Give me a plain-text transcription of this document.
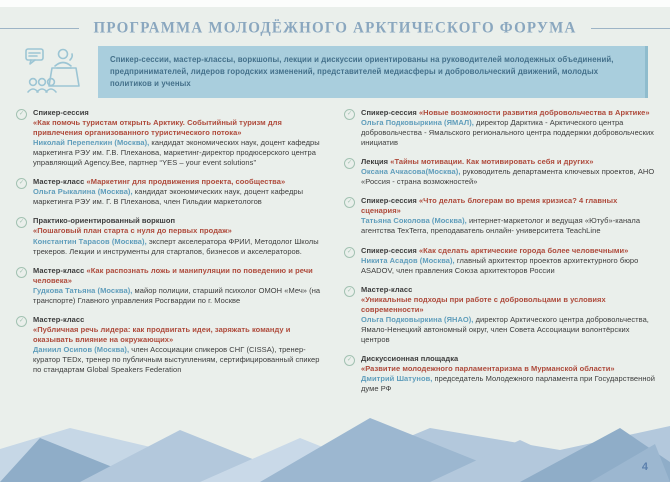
ПРОГРАММА МОЛОДЁЖНОГО АРКТИЧЕСКОГО ФОРУМА
Спикер-сессии, мастер-классы, воркшопы, лекции и дискуссии ориентированы на руководителей молодежных объединений, предпринимателей, лидеров городских изменений, представителей медиасферы и добровольческий движений, молодых политиков и ученых
✓	Спикер-сессия
«Как помочь туристам открыть Арктику. Событийный туризм для привлечения организованного туристического потока»
Николай Перепелкин (Москва), кандидат экономических наук, доцент кафедры маркетинга РЭУ им. Г.В. Плеханова, маркетинг-директор продюсерского центра управляющий Agency.Bee, партнер “YES – your event solutions”
✓	Мастер-класс «Маркетинг для продвижения проекта, сообщества»
Ольга Рыкалина (Москва), кандидат экономических наук, доцент кафедры маркетинга РЭУ им. Г. В Плеханова, член Гильдии маркетологов
✓	Практико-ориентированный воркшоп
«Пошаговый план старта с нуля до первых продаж»
Константин Тарасов (Москва), эксперт акселератора ФРИИ, Методолог Школы трекеров. Лекции и инструменты для стартапов, бизнесов и акселераторов.
✓	Мастер-класс «Как распознать ложь и манипуляции по поведению и речи человека»
Гудкова Татьяна (Москва), майор полиции, старший психолог ОМОН «Меч» (на транспорте) Главного управления Росгвардии по г. Москве
✓	Мастер-класс
«Публичная речь лидера: как продвигать идеи, заряжать команду и оказывать влияние на окружающих»
Даниил Осипов (Москва), член Ассоциации спикеров СНГ (CISSA), тренер-куратор TEDx, тренер по публичным выступлениям, сертифицированный спикер по стандартам Global Speakers Federation
✓	Спикер-сессия «Новые возможности развития добровольчества в Арктике»
Ольга Подковыркина (ЯМАЛ), директор Дарктика - Арктического центра добровольчества - Ямальского регионального центра поддержки добровольческих инициатив
✓	Лекция «Тайны мотивации. Как мотивировать себя и других»
Оксана Ачкасова(Москва), руководитель департамента ключевых проектов, АНО «Россия - страна возможностей»
✓	Спикер-сессия «Что делать блогерам во время кризиса? 4 главных сценария»
Татьяна Соколова (Москва), интернет-маркетолог и ведущая «Ютуб»-канала агентства TexTerra, преподаватель онлайн- университета TeachLine
✓	Спикер-сессия «Как сделать арктические города более человечными»
Никита Асадов (Москва), главный архитектор проектов архитектурного бюро ASADOV, член правления Союза архитекторов России
✓	Мастер-класс
«Уникальные подходы при работе с добровольцами в условиях современности»
Ольга Подковыркина (ЯНАО), директор Арктического центра добровольчества, Ямало-Ненецкий автономный округ, член Совета Ассоциации волонтёрских центров
✓	Дискуссионная площадка
«Развитие молодежного парламентаризма в Мурманской области»
Дмитрий Шатунов, председатель Молодежного парламента при Государственной думе РФ
4
